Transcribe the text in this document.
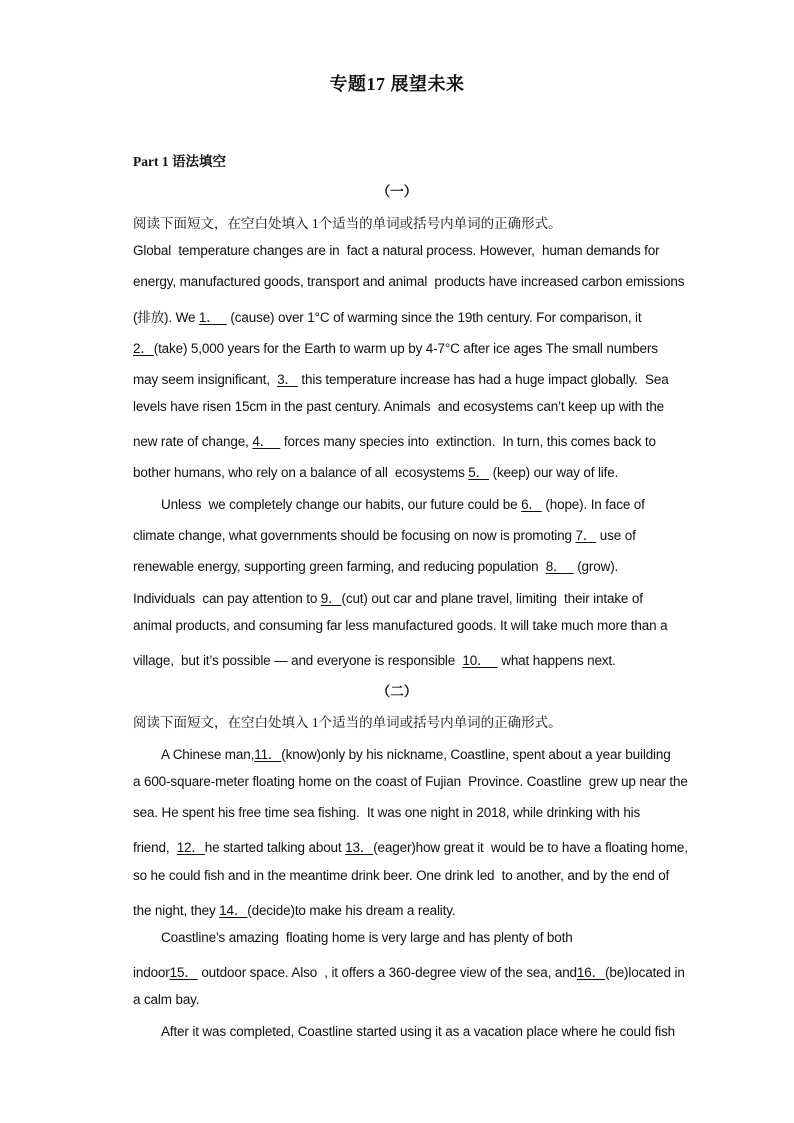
专题17 展望未来
Part 1 语法填空
（一）
阅读下面短文，在空白处填入 1个适当的单词或括号内单词的正确形式。
Global  temperature changes are in  fact a natural process. However,  human demands for
energy, manufactured goods, transport and animal  products have increased carbon emissions
(排放). We 1．   (cause) over 1°C of warming since the 19th century. For comparison, it
2．(take) 5,000 years for the Earth to warm up by 4-7°C after ice ages The small numbers
may seem insignificant,  3． this temperature increase has had a huge impact globally.  Sea
levels have risen 15cm in the past century. Animals  and ecosystems can’t keep up with the
new rate of change, 4．   forces many species into  extinction.  In turn, this comes back to
bother humans, who rely on a balance of all  ecosystems 5． (keep) our way of life.
Unless  we completely change our habits, our future could be 6． (hope). In face of
climate change, what governments should be focusing on now is promoting 7． use of
renewable energy, supporting green farming, and reducing population  8．   (grow).
Individuals  can pay attention to 9．(cut) out car and plane travel, limiting  their intake of
animal products, and consuming far less manufactured goods. It will take much more than a
village,  but it’s possible — and everyone is responsible  10．   what happens next.
（二）
阅读下面短文，在空白处填入 1个适当的单词或括号内单词的正确形式。
A Chinese man,11．(know)only by his nickname, Coastline, spent about a year building
a 600-square-meter floating home on the coast of Fujian  Province. Coastline  grew up near the
sea. He spent his free time sea fishing.  It was one night in 2018, while drinking with his
friend,  12．he started talking about 13．(eager)how great it  would be to have a floating home,
so he could fish and in the meantime drink beer. One drink led  to another, and by the end of
the night, they 14．(decide)to make his dream a reality.
Coastline’s amazing  floating home is very large and has plenty of both
indoor15． outdoor space. Also  , it offers a 360-degree view of the sea, and16．(be)located in
a calm bay.
After it was completed, Coastline started using it as a vacation place where he could fish
